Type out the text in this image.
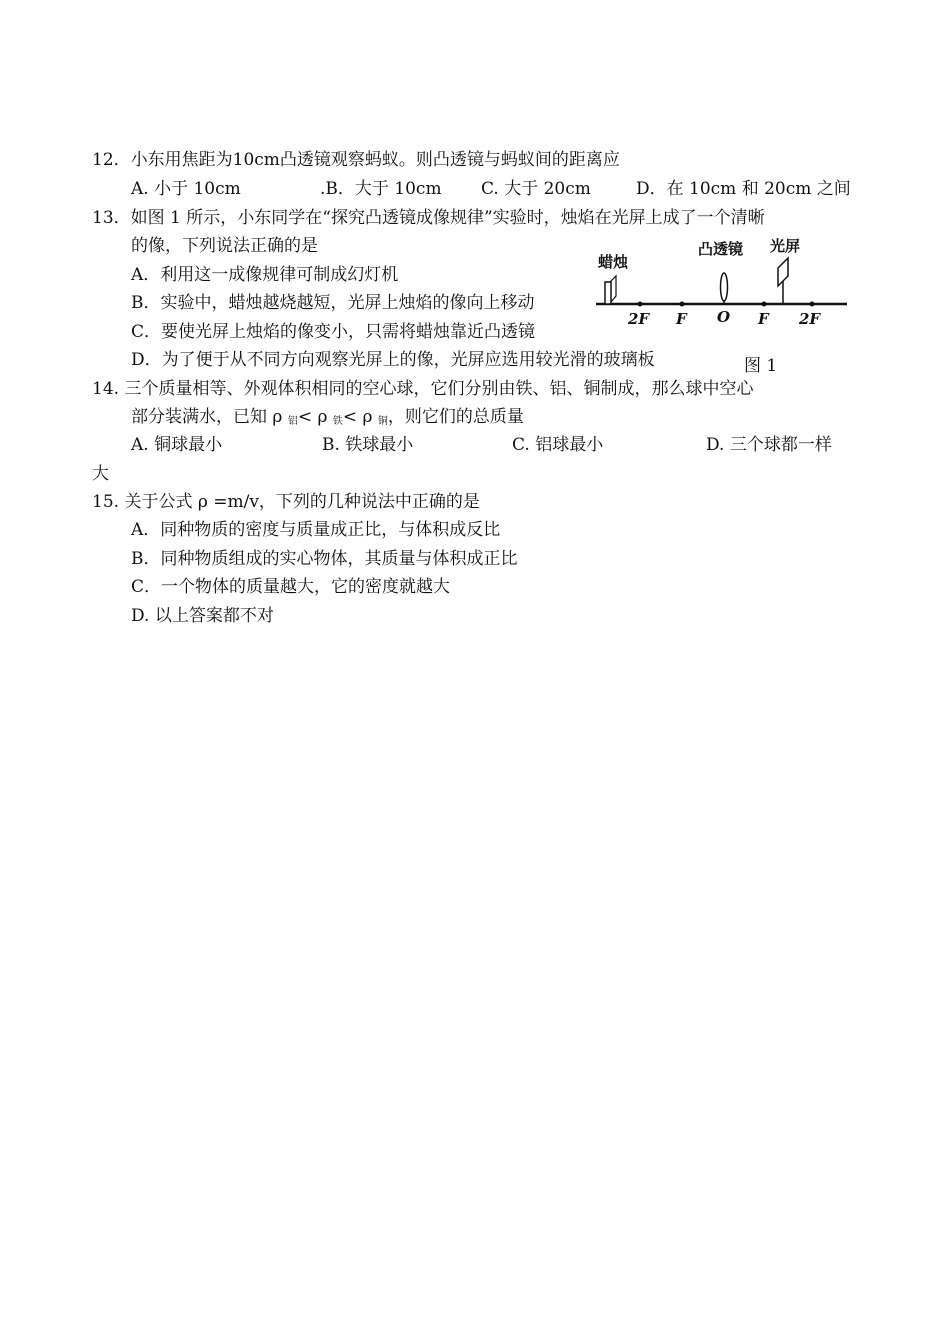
12．小东用焦距为10cm凸透镜观察蚂蚁。则凸透镜与蚂蚁间的距离应
A. 小于 10cm	.B．大于 10cm C. 大于 20cm	D．在 10cm 和 20cm 之间
13．如图 1 所示，小东同学在“探究凸透镜成像规律”实验时，烛焰在光屏上成了一个清晰
的像，下列说法正确的是
A．利用这一成像规律可制成幻灯机
B．实验中，蜡烛越烧越短，光屏上烛焰的像向上移动
C．要使光屏上烛焰的像变小，只需将蜡烛靠近凸透镜
D．为了便于从不同方向观察光屏上的像，光屏应选用较光滑的玻璃板
蜡烛
凸透镜 光屏
2F F O F 2F
图 1
14. 三个质量相等、外观体积相同的空心球，它们分别由铁、铝、铜制成，那么球中空心
部分装满水，已知 ρ $_铝$< ρ $_铁$< ρ $_铜$，则它们的总质量
A. 铜球最小	B. 铁球最小	C. 铝球最小	D. 三个球都一样
大
15. 关于公式 ρ =m/v，下列的几种说法中正确的是
A．同种物质的密度与质量成正比，与体积成反比
B．同种物质组成的实心物体，其质量与体积成正比
C．一个物体的质量越大，它的密度就越大
D. 以上答案都不对
